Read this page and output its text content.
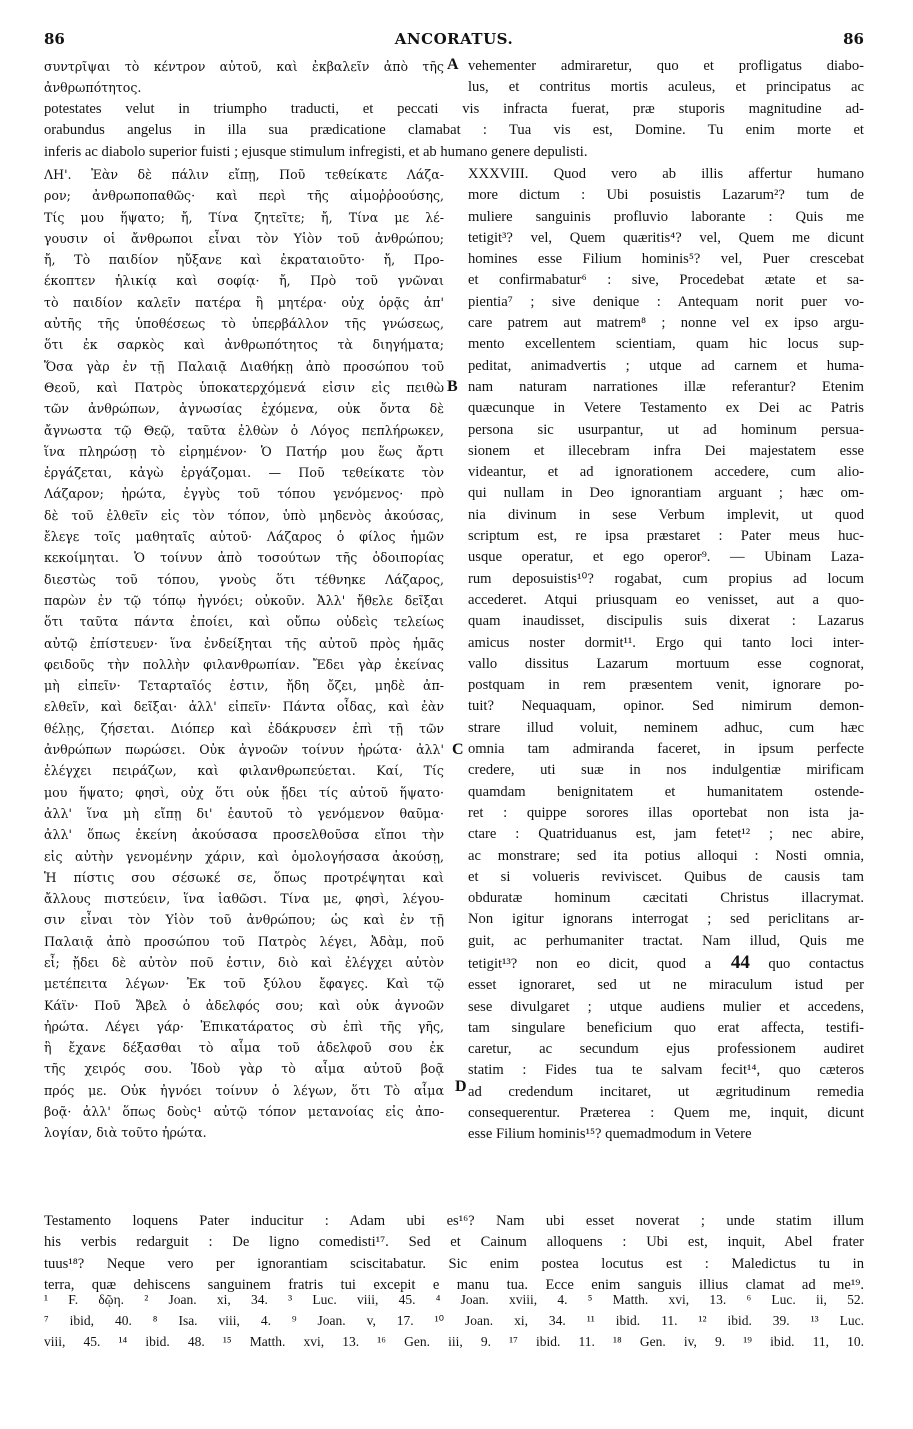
86	ANCORATUS.	86
συντρῖψαι τὸ κέντρον αὐτοῦ, καὶ ἐκβαλεῖν ἀπὸ τῆς
ἀνθρωπότητος.
vehementer admiraretur, quo et profligatus diabo-
lus, et contritus mortis aculeus, et principatus ac
potestates velut in triumpho traducti, et peccati vis infracta fuerat, præ stuporis magnitudine ad-
orabundus angelus in illa sua prædicatione clamabat : Tua vis est, Domine. Tu enim morte et
inferis ac diabolo superior fuisti ; ejusque stimulum infregisti, et ab humano genere depulisti.
ΛΗ'. Ἐὰν δὲ πάλιν εἴπῃ, Ποῦ τεθείκατε Λάζα-
ρον; ἀνθρωποπαθῶς· καὶ περὶ τῆς αἱμοῤῥοούσης,
Τίς μου ἥψατο; ἤ, Τίνα ζητεῖτε; ἤ, Τίνα με λέ-
γουσιν οἱ ἄνθρωποι εἶναι τὸν Υἱὸν τοῦ ἀνθρώπου;
ἤ, Τὸ παιδίον ηὔξανε καὶ ἐκραταιοῦτο· ἤ, Προ-
έκοπτεν ἡλικίᾳ καὶ σοφίᾳ· ἤ, Πρὸ τοῦ γνῶναι
τὸ παιδίον καλεῖν πατέρα ἢ μητέρα· οὐχ ὁρᾷς ἀπ'
αὐτῆς τῆς ὑποθέσεως τὸ ὑπερβάλλον τῆς γνώσεως,
ὅτι ἐκ σαρκὸς καὶ ἀνθρωπότητος τὰ διηγήματα;
Ὅσα γὰρ ἐν τῇ Παλαιᾷ Διαθήκῃ ἀπὸ προσώπου τοῦ
Θεοῦ, καὶ Πατρὸς ὑποκατερχόμενά εἰσιν εἰς πειθὼ
τῶν ἀνθρώπων, ἀγνωσίας ἐχόμενα, οὐκ ὄντα δὲ
ἄγνωστα τῷ Θεῷ, ταῦτα ἐλθὼν ὁ Λόγος πεπλήρωκεν,
ἵνα πληρώσῃ τὸ εἰρημένον· Ὁ Πατήρ μου ἕως ἄρτι
ἐργάζεται, κἀγὼ ἐργάζομαι. — Ποῦ τεθείκατε τὸν
Λάζαρον; ἠρώτα, ἐγγὺς τοῦ τόπου γενόμενος· πρὸ
δὲ τοῦ ἐλθεῖν εἰς τὸν τόπον, ὑπὸ μηδενὸς ἀκούσας,
ἔλεγε τοῖς μαθηταῖς αὐτοῦ· Λάζαρος ὁ φίλος ἡμῶν
κεκοίμηται. Ὁ τοίνυν ἀπὸ τοσούτων τῆς ὁδοιπορίας
διεστὼς τοῦ τόπου, γνοὺς ὅτι τέθνηκε Λάζαρος,
παρὼν ἐν τῷ τόπῳ ἠγνόει; οὐκοῦν. Ἀλλ' ἤθελε δεῖξαι
ὅτι ταῦτα πάντα ἐποίει, καὶ οὔπω οὐδεὶς τελείως
αὐτῷ ἐπίστευεν· ἵνα ἐνδείξηται τῆς αὐτοῦ πρὸς ἡμᾶς
φειδοῦς τὴν πολλὴν φιλανθρωπίαν. Ἔδει γὰρ ἐκείνας
μὴ εἰπεῖν· Τεταρταῖός ἐστιν, ἤδη ὄζει, μηδὲ ἀπ-
ελθεῖν, καὶ δεῖξαι· ἀλλ' εἰπεῖν· Πάντα οἶδας, καὶ ἐὰν
θέλῃς, ζήσεται. Διόπερ καὶ ἐδάκρυσεν ἐπὶ τῇ τῶν
ἀνθρώπων πωρώσει. Οὐκ ἀγνοῶν τοίνυν ἠρώτα· ἀλλ'
ἐλέγχει πειράζων, καὶ φιλανθρωπεύεται. Καί, Τίς
μου ἥψατο; φησὶ, οὐχ ὅτι οὐκ ᾔδει τίς αὐτοῦ ἥψατο·
ἀλλ' ἵνα μὴ εἴπῃ δι' ἑαυτοῦ τὸ γενόμενον θαῦμα·
ἀλλ' ὅπως ἐκείνη ἀκούσασα προσελθοῦσα εἴποι τὴν
εἰς αὐτὴν γενομένην χάριν, καὶ ὁμολογήσασα ἀκούσῃ,
Ἡ πίστις σου σέσωκέ σε, ὅπως προτρέψηται καὶ
ἄλλους πιστεύειν, ἵνα ἰαθῶσι. Τίνα με, φησὶ, λέγου-
σιν εἶναι τὸν Υἱὸν τοῦ ἀνθρώπου; ὡς καὶ ἐν τῇ
Παλαιᾷ ἀπὸ προσώπου τοῦ Πατρὸς λέγει, Ἀδὰμ, ποῦ
εἶ; ᾔδει δὲ αὐτὸν ποῦ ἐστιν, διὸ καὶ ἐλέγχει αὐτὸν
μετέπειτα λέγων· Ἐκ τοῦ ξύλου ἔφαγες. Καὶ τῷ
Κάϊν· Ποῦ Ἄβελ ὁ ἀδελφός σου; καὶ οὐκ ἀγνοῶν
ἠρώτα. Λέγει γάρ· Ἐπικατάρατος σὺ ἐπὶ τῆς γῆς,
ἣ ἔχανε δέξασθαι τὸ αἷμα τοῦ ἀδελφοῦ σου ἐκ
τῆς χειρός σου. Ἰδοὺ γὰρ τὸ αἷμα αὐτοῦ βοᾷ
πρός με. Οὐκ ἠγνόει τοίνυν ὁ λέγων, ὅτι Τὸ αἷμα
βοᾷ· ἀλλ' ὅπως δοὺς¹ αὐτῷ τόπον μετανοίας εἰς ἀπο-
λογίαν, διὰ τοῦτο ἠρώτα.
XXXVIII. Quod vero ab illis affertur humano
more dictum : Ubi posuistis Lazarum²? tum de
muliere sanguinis profluvio laborante : Quis me
tetigit³? vel, Quem quæritis⁴? vel, Quem me dicunt
homines esse Filium hominis⁵? vel, Puer crescebat
et confirmabatur⁶ : sive, Procedebat ætate et sa-
pientia⁷ ; sive denique : Antequam norit puer vo-
care patrem aut matrem⁸ ; nonne vel ex ipso argu-
mento excellentem scientiam, quam hic locus sup-
peditat, animadvertis ; utque ad carnem et huma-
nam naturam narrationes illæ referantur? Etenim
quæcunque in Vetere Testamento ex Dei ac Patris
persona sic usurpantur, ut ad hominum persua-
sionem et illecebram infra Dei majestatem esse
videantur, et ad ignorationem accedere, cum alio-
qui nullam in Deo ignorantiam arguant ; hæc om-
nia divinum in sese Verbum implevit, ut quod
scriptum est, re ipsa præstaret : Pater meus huc-
usque operatur, et ego operor⁹. — Ubinam Laza-
rum deposuistis¹⁰? rogabat, cum propius ad locum
accederet. Atqui priusquam eo venisset, aut a quo-
quam inaudisset, discipulis suis dixerat : Lazarus
amicus noster dormit¹¹. Ergo qui tanto loci inter-
vallo dissitus Lazarum mortuum esse cognorat,
postquam in rem præsentem venit, ignorare po-
tuit? Nequaquam, opinor. Sed nimirum demon-
strare illud voluit, neminem adhuc, cum hæc
omnia tam admiranda faceret, in ipsum perfecte
credere, uti suæ in nos indulgentiæ mirificam
quamdam benignitatem et humanitatem ostende-
ret : quippe sorores illas oportebat non ista ja-
ctare : Quatriduanus est, jam fetet¹² ; nec abire,
ac monstrare; sed ita potius alloqui : Nosti omnia,
et si volueris reviviscet. Quibus de causis tam
obduratæ hominum cæcitati Christus illacrymat.
Non igitur ignorans interrogat ; sed periclitans ar-
guit, ac perhumaniter tractat. Nam illud, Quis me
tetigit¹³? non eo dicit, quod a 44 quo contactus
esset ignoraret, sed ut ne miraculum istud per
sese divulgaret ; utque audiens mulier et accedens,
tam singulare beneficium quo erat affecta, testifi-
caretur, ac secundum ejus professionem audiret
statim : Fides tua te salvam fecit¹⁴, quo cæteros
ad credendum incitaret, ut ægritudinum remedia
consequerentur. Præterea : Quem me, inquit, dicunt
esse Filium hominis¹⁵? quemadmodum in Vetere
A
B
C
D
Testamento loquens Pater inducitur : Adam ubi es¹⁶? Nam ubi esset noverat ; unde statim illum
his verbis redarguit : De ligno comedisti¹⁷. Sed et Cainum alloquens : Ubi est, inquit, Abel frater
tuus¹⁸? Neque vero per ignorantiam sciscitabatur. Sic enim postea locutus est : Maledictus tu in
terra, quæ dehiscens sanguinem fratris tui excepit e manu tua. Ecce enim sanguis illius clamat ad me¹⁹.
¹ F. δῷη. ² Joan. xi, 34. ³ Luc. viii, 45. ⁴ Joan. xviii, 4. ⁵ Matth. xvi, 13. ⁶ Luc. ii, 52.
⁷ ibid, 40. ⁸ Isa. viii, 4. ⁹ Joan. v, 17. ¹⁰ Joan. xi, 34. ¹¹ ibid. 11. ¹² ibid. 39. ¹³ Luc.
viii, 45. ¹⁴ ibid. 48. ¹⁵ Matth. xvi, 13. ¹⁶ Gen. iii, 9. ¹⁷ ibid. 11. ¹⁸ Gen. iv, 9. ¹⁹ ibid. 11, 10.
